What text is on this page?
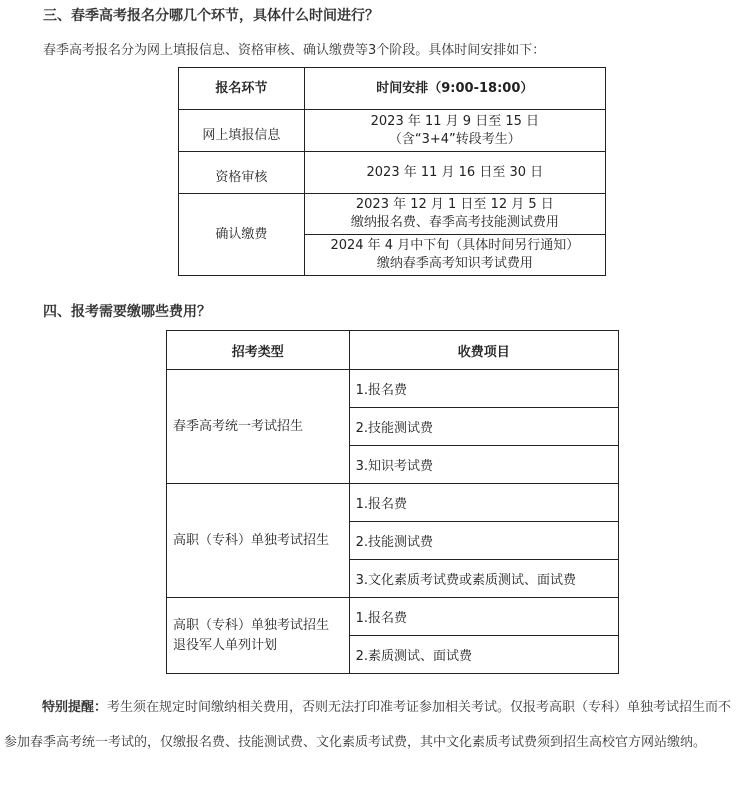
三、春季高考报名分哪几个环节，具体什么时间进行？

春季高考报名分为网上填报信息、资格审核、确认缴费等3个阶段。具体时间安排如下：

报名环节	时间安排（9:00-18:00）
网上填报信息	2023 年 11 月 9 日至 15 日
（含“3+4”转段考生）

资格审核	2023 年 11 月 16 日至 30 日
确认缴费	2023 年 12 月 1 日至 12 月 5 日
缴纳报名费、春季高考技能测试费用

	2024 年 4 月中下旬（具体时间另行通知）
缴纳春季高考知识考试费用

四、报考需要缴哪些费用？

招考类型	收费项目
春季高考统一考试招生	1.报名费
	2.技能测试费
	3.知识考试费
高职（专科）单独考试招生	1.报名费
	2.技能测试费
	3.文化素质考试费或素质测试、面试费

高职（专科）单独考试招生
退役军人单列计划	1.报名费
	2.素质测试、面试费

特别提醒：考生须在规定时间缴纳相关费用，否则无法打印准考证参加相关考试。仅报考高职（专科）单独考试招生而不参加春季高考统一考试的，仅缴报名费、技能测试费、文化素质考试费，其中文化素质考试费须到招生高校官方网站缴纳。
